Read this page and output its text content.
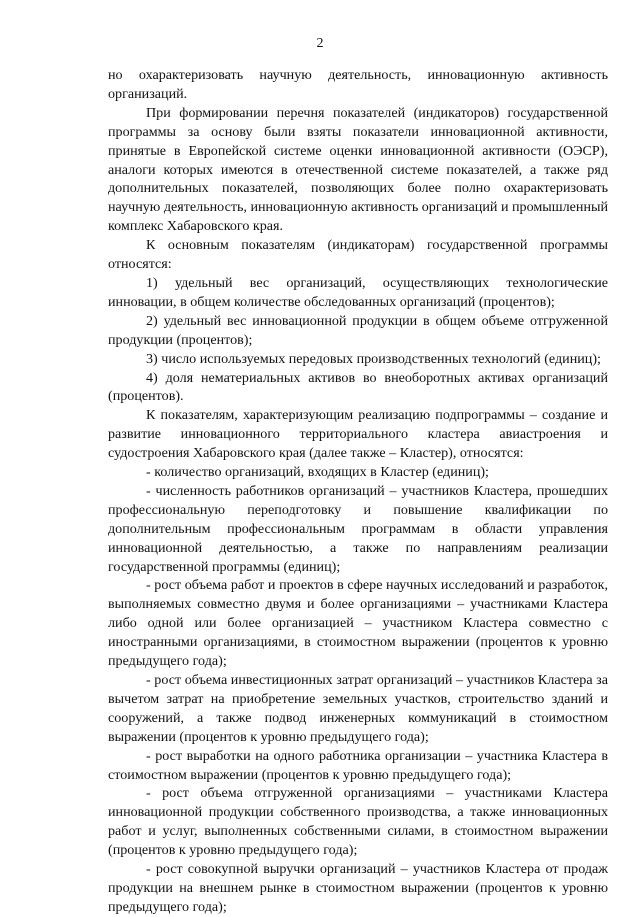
2

но охарактеризовать научную деятельность, инновационную активность организаций.

При формировании перечня показателей (индикаторов) государственной программы за основу были взяты показатели инновационной активности, принятые в Европейской системе оценки инновационной активности (ОЭСР), аналоги которых имеются в отечественной системе показателей, а также ряд дополнительных показателей, позволяющих более полно охарактеризовать научную деятельность, инновационную активность организаций и промышленный комплекс Хабаровского края.

К основным показателям (индикаторам) государственной программы относятся:

1) удельный вес организаций, осуществляющих технологические инновации, в общем количестве обследованных организаций (процентов);

2) удельный вес инновационной продукции в общем объеме отгруженной продукции (процентов);

3) число используемых передовых производственных технологий (единиц);

4) доля нематериальных активов во внеоборотных активах организаций (процентов).

К показателям, характеризующим реализацию подпрограммы – создание и развитие инновационного территориального кластера авиастроения и судостроения Хабаровского края (далее также – Кластер), относятся:

- количество организаций, входящих в Кластер (единиц);

- численность работников организаций – участников Кластера, прошедших профессиональную переподготовку и повышение квалификации по дополнительным профессиональным программам в области управления инновационной деятельностью, а также по направлениям реализации государственной программы (единиц);

- рост объема работ и проектов в сфере научных исследований и разработок, выполняемых совместно двумя и более организациями – участниками Кластера либо одной или более организацией – участником Кластера совместно с иностранными организациями, в стоимостном выражении (процентов к уровню предыдущего года);

- рост объема инвестиционных затрат организаций – участников Кластера за вычетом затрат на приобретение земельных участков, строительство зданий и сооружений, а также подвод инженерных коммуникаций в стоимостном выражении (процентов к уровню предыдущего года);

- рост выработки на одного работника организации – участника Кластера в стоимостном выражении (процентов к уровню предыдущего года);

- рост объема отгруженной организациями – участниками Кластера инновационной продукции собственного производства, а также инновационных работ и услуг, выполненных собственными силами, в стоимостном выражении (процентов к уровню предыдущего года);

- рост совокупной выручки организаций – участников Кластера от продаж продукции на внешнем рынке в стоимостном выражении (процентов к уровню предыдущего года);
